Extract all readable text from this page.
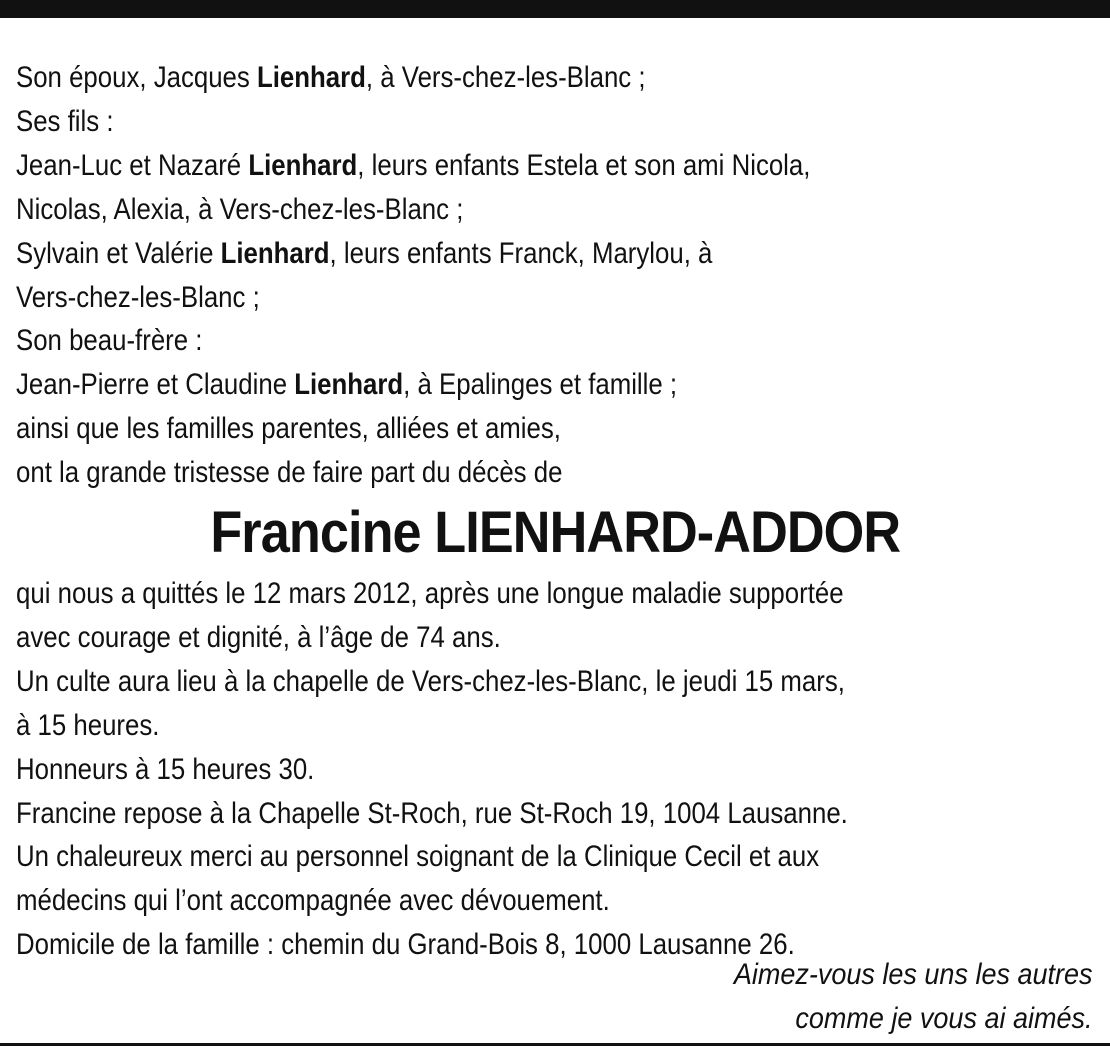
Son époux, Jacques Lienhard, à Vers-chez-les-Blanc ;
Ses fils :
Jean-Luc et Nazaré Lienhard, leurs enfants Estela et son ami Nicola,
Nicolas, Alexia, à Vers-chez-les-Blanc ;
Sylvain et Valérie Lienhard, leurs enfants Franck, Marylou, à
Vers-chez-les-Blanc ;
Son beau-frère :
Jean-Pierre et Claudine Lienhard, à Epalinges et famille ;
ainsi que les familles parentes, alliées et amies,
ont la grande tristesse de faire part du décès de
Francine LIENHARD-ADDOR
qui nous a quittés le 12 mars 2012, après une longue maladie supportée
avec courage et dignité, à l’âge de 74 ans.
Un culte aura lieu à la chapelle de Vers-chez-les-Blanc, le jeudi 15 mars,
à 15 heures.
Honneurs à 15 heures 30.
Francine repose à la Chapelle St-Roch, rue St-Roch 19, 1004 Lausanne.
Un chaleureux merci au personnel soignant de la Clinique Cecil et aux
médecins qui l’ont accompagnée avec dévouement.
Domicile de la famille : chemin du Grand-Bois 8, 1000 Lausanne 26.
Aimez-vous les uns les autres
comme je vous ai aimés.
